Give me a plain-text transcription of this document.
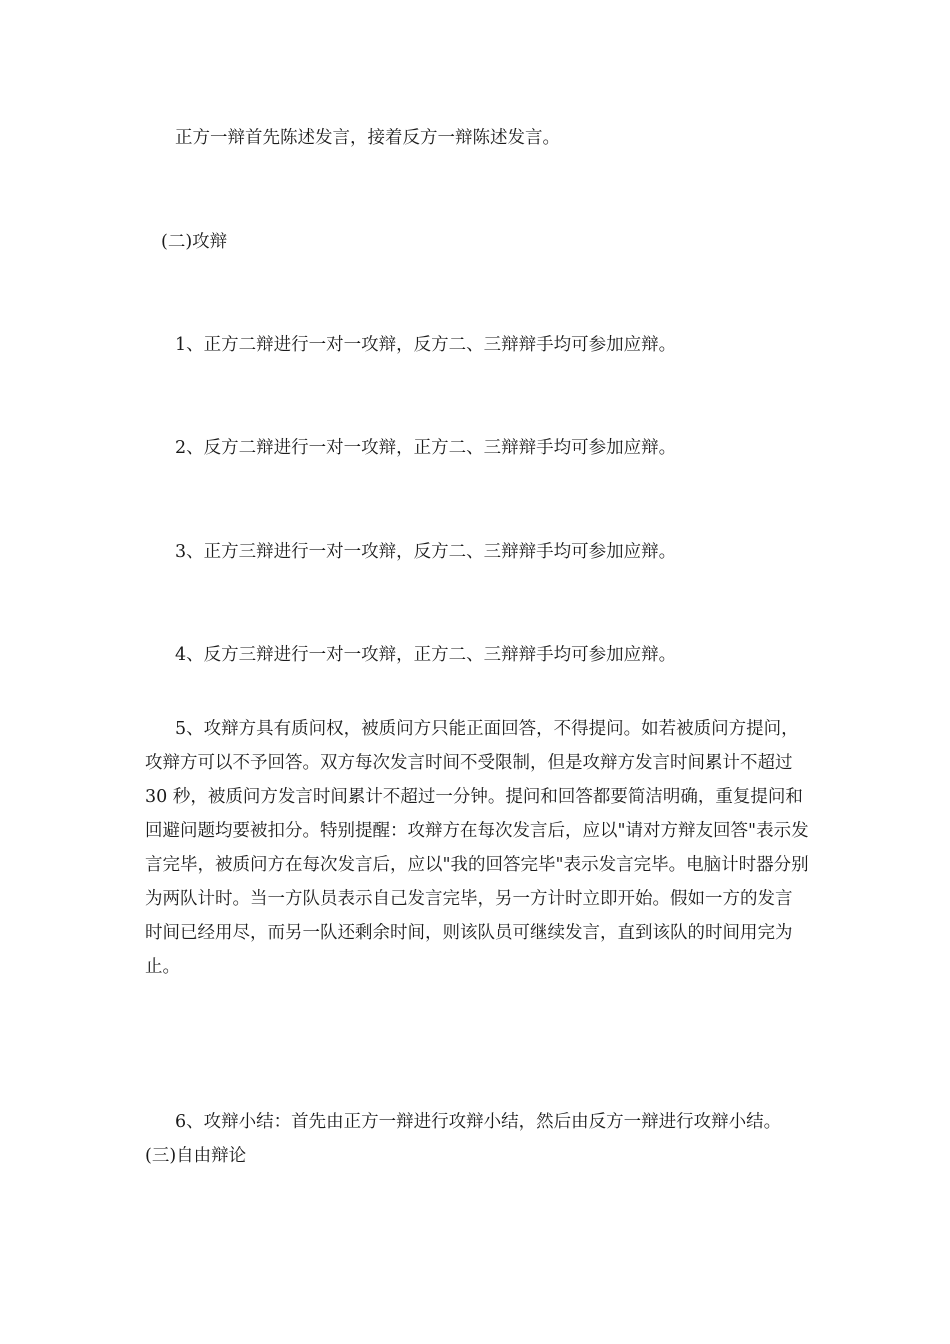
正方一辩首先陈述发言，接着反方一辩陈述发言。

(二)攻辩

1、正方二辩进行一对一攻辩，反方二、三辩辩手均可参加应辩。

2、反方二辩进行一对一攻辩，正方二、三辩辩手均可参加应辩。

3、正方三辩进行一对一攻辩，反方二、三辩辩手均可参加应辩。

4、反方三辩进行一对一攻辩，正方二、三辩辩手均可参加应辩。

5、攻辩方具有质问权，被质问方只能正面回答，不得提问。如若被质问方提问，攻辩方可以不予回答。双方每次发言时间不受限制，但是攻辩方发言时间累计不超过 30 秒，被质问方发言时间累计不超过一分钟。提问和回答都要简洁明确，重复提问和回避问题均要被扣分。特别提醒：攻辩方在每次发言后，应以"请对方辩友回答"表示发言完毕，被质问方在每次发言后，应以"我的回答完毕"表示发言完毕。电脑计时器分别为两队计时。当一方队员表示自己发言完毕，另一方计时立即开始。假如一方的发言时间已经用尽，而另一队还剩余时间，则该队员可继续发言，直到该队的时间用完为止。

6、攻辩小结：首先由正方一辩进行攻辩小结，然后由反方一辩进行攻辩小结。 (三)自由辩论
